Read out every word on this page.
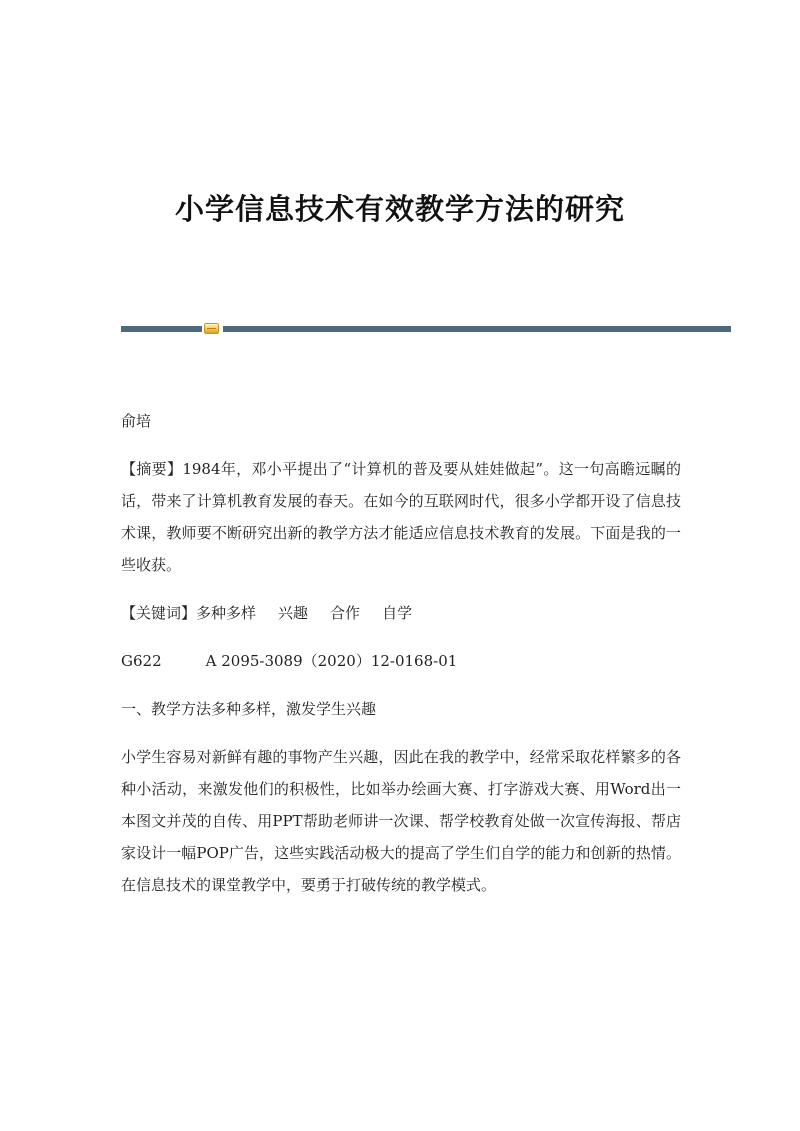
小学信息技术有效教学方法的研究

俞培

【摘要】1984年，邓小平提出了“计算机的普及要从娃娃做起”。这一句高瞻远瞩的话，带来了计算机教育发展的春天。在如今的互联网时代，很多小学都开设了信息技术课，教师要不断研究出新的教学方法才能适应信息技术教育的发展。下面是我的一些收获。

【关键词】多种多样 兴趣 合作 自学

G622	A 2095-3089（2020）12-0168-01

一、教学方法多种多样，激发学生兴趣

小学生容易对新鲜有趣的事物产生兴趣，因此在我的教学中，经常采取花样繁多的各种小活动，来激发他们的积极性，比如举办绘画大赛、打字游戏大赛、用Word出一本图文并茂的自传、用PPT帮助老师讲一次课、帮学校教育处做一次宣传海报、帮店家设计一幅POP广告，这些实践活动极大的提高了学生们自学的能力和创新的热情。在信息技术的课堂教学中，要勇于打破传统的教学模式。
